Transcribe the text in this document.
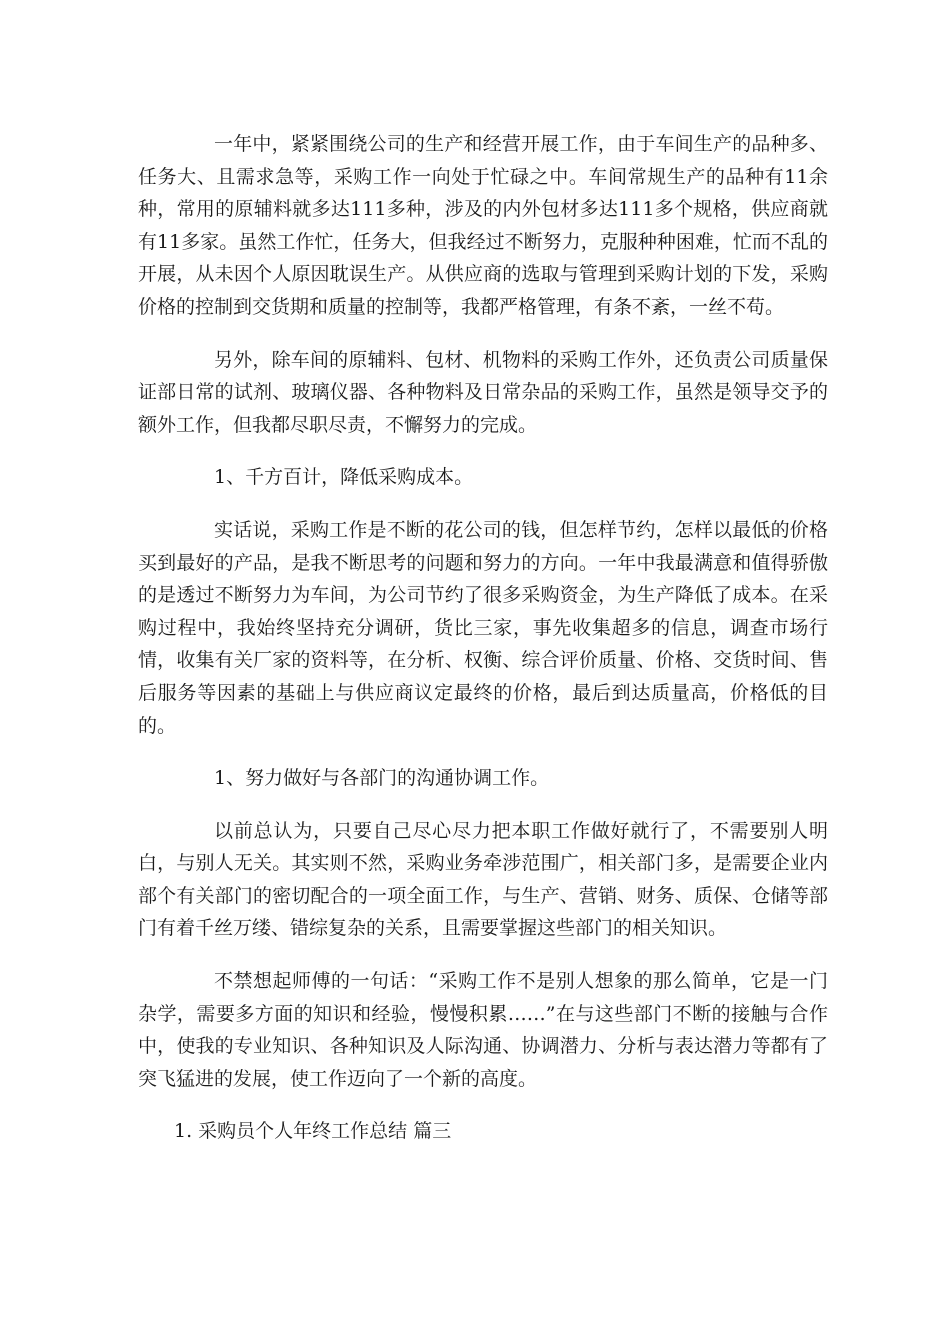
一年中，紧紧围绕公司的生产和经营开展工作，由于车间生产的品种多、任务大、且需求急等，采购工作一向处于忙碌之中。车间常规生产的品种有11余种，常用的原辅料就多达111多种，涉及的内外包材多达111多个规格，供应商就有11多家。虽然工作忙，任务大，但我经过不断努力，克服种种困难，忙而不乱的开展，从未因个人原因耽误生产。从供应商的选取与管理到采购计划的下发，采购价格的控制到交货期和质量的控制等，我都严格管理，有条不紊，一丝不苟。

另外，除车间的原辅料、包材、机物料的采购工作外，还负责公司质量保证部日常的试剂、玻璃仪器、各种物料及日常杂品的采购工作，虽然是领导交予的额外工作，但我都尽职尽责，不懈努力的完成。

1、千方百计，降低采购成本。

实话说，采购工作是不断的花公司的钱，但怎样节约，怎样以最低的价格买到最好的产品，是我不断思考的问题和努力的方向。一年中我最满意和值得骄傲的是透过不断努力为车间，为公司节约了很多采购资金，为生产降低了成本。在采购过程中，我始终坚持充分调研，货比三家，事先收集超多的信息，调查市场行情，收集有关厂家的资料等，在分析、权衡、综合评价质量、价格、交货时间、售后服务等因素的基础上与供应商议定最终的价格，最后到达质量高，价格低的目的。

1、努力做好与各部门的沟通协调工作。

以前总认为，只要自己尽心尽力把本职工作做好就行了，不需要别人明白，与别人无关。其实则不然，采购业务牵涉范围广，相关部门多，是需要企业内部个有关部门的密切配合的一项全面工作，与生产、营销、财务、质保、仓储等部门有着千丝万缕、错综复杂的关系，且需要掌握这些部门的相关知识。

不禁想起师傅的一句话：“采购工作不是别人想象的那么简单，它是一门杂学，需要多方面的知识和经验，慢慢积累……”在与这些部门不断的接触与合作中，使我的专业知识、各种知识及人际沟通、协调潜力、分析与表达潜力等都有了突飞猛进的发展，使工作迈向了一个新的高度。

1. 采购员个人年终工作总结 篇三
